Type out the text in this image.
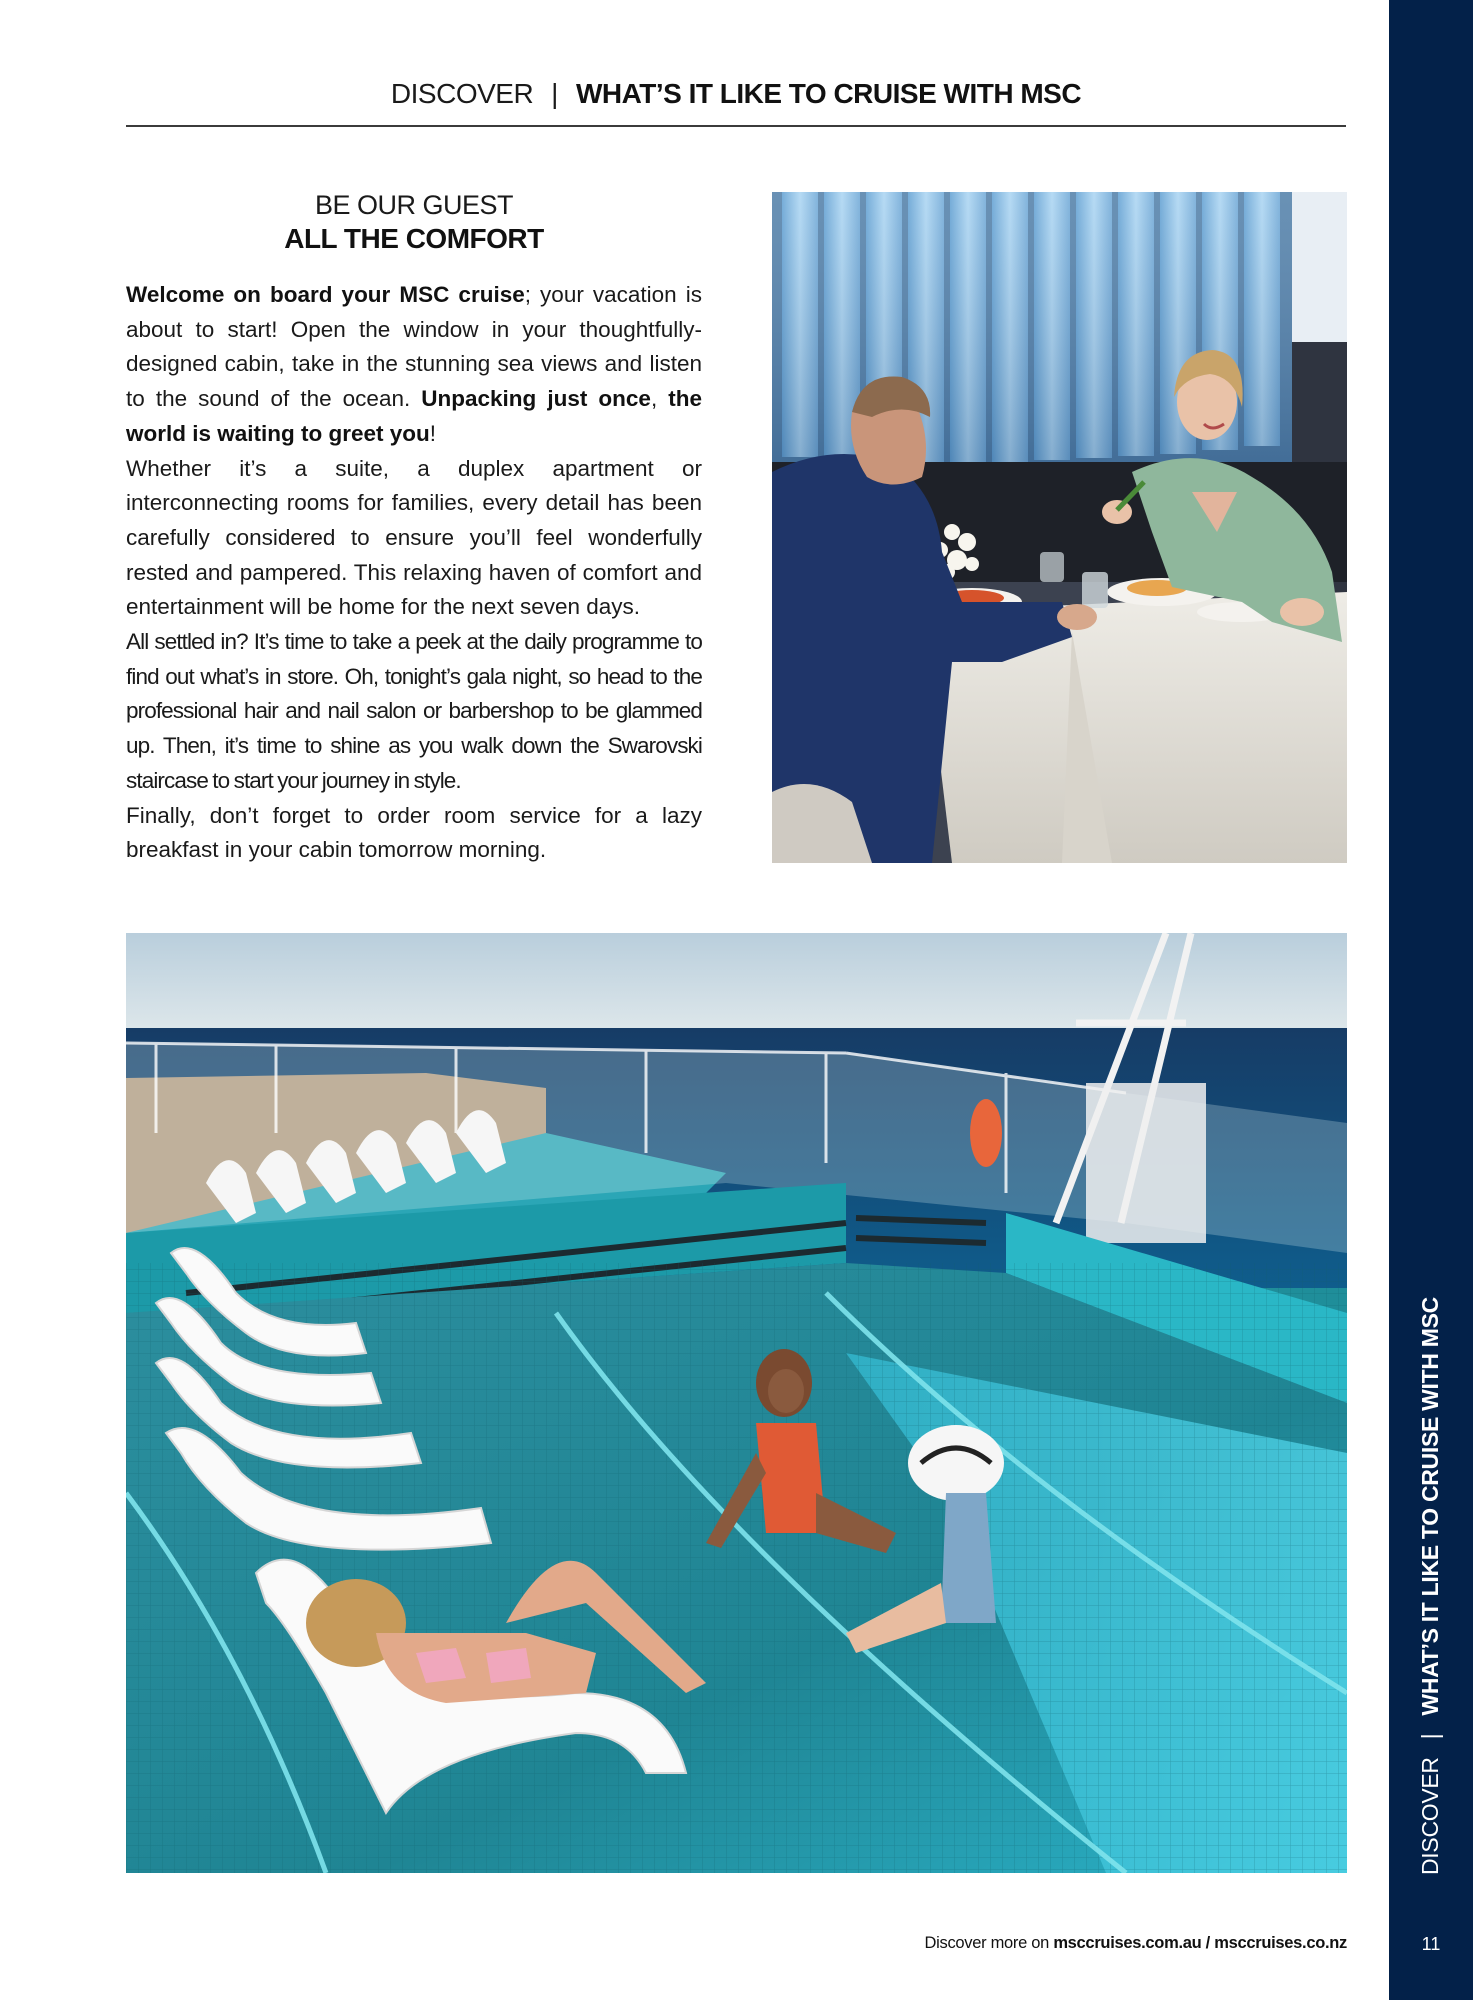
DISCOVER | WHAT’S IT LIKE TO CRUISE WITH MSC
BE OUR GUEST
ALL THE COMFORT

Welcome on board your MSC cruise; your vacation is about to start! Open the window in your thoughtfully-designed cabin, take in the stunning sea views and listen to the sound of the ocean. Unpacking just once, the world is waiting to greet you!

Whether it’s a suite, a duplex apartment or interconnecting rooms for families, every detail has been carefully considered to ensure you’ll feel wonderfully rested and pampered. This relaxing haven of comfort and entertainment will be home for the next seven days.

All settled in? It’s time to take a peek at the daily programme to find out what’s in store. Oh, tonight’s gala night, so head to the professional hair and nail salon or barbershop to be glammed up. Then, it’s time to shine as you walk down the Swarovski staircase to start your journey in style.

Finally, don’t forget to order room service for a lazy breakfast in your cabin tomorrow morning.

DISCOVER
|
WHAT’S IT LIKE TO CRUISE WITH MSC
11
Discover more on msccruises.com.au / msccruises.co.nz
